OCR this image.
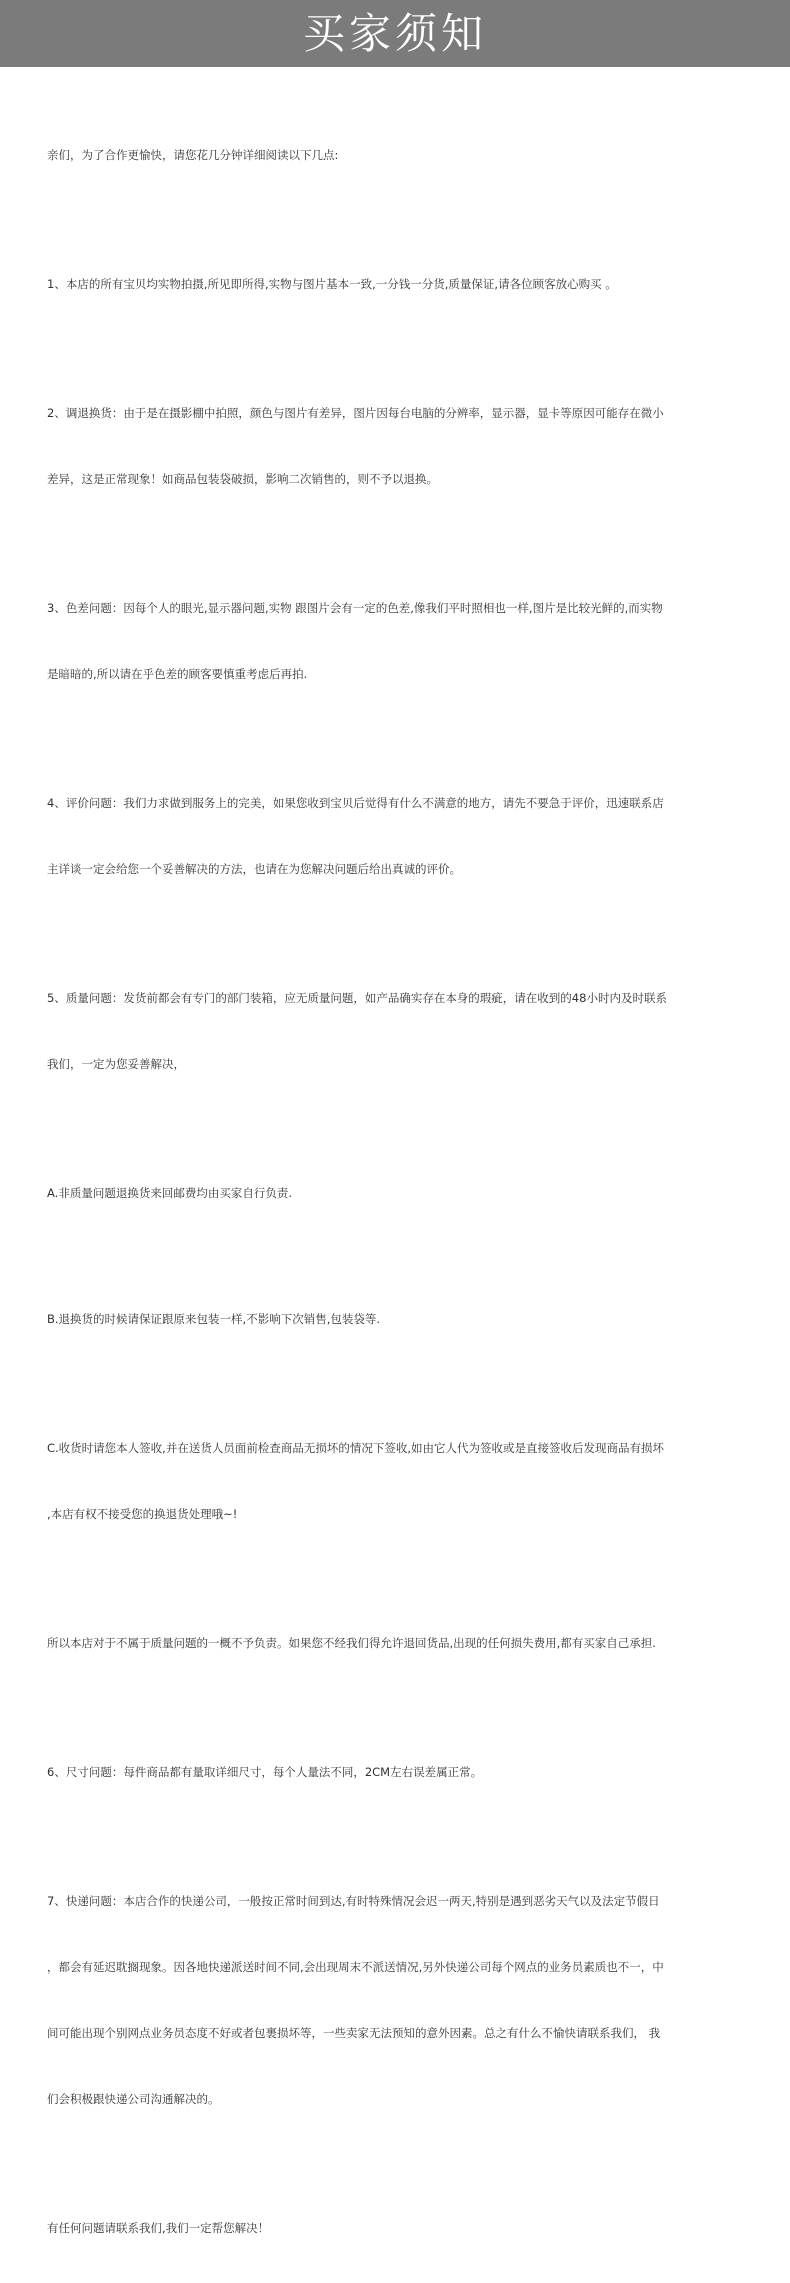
买家须知

亲们，为了合作更愉快，请您花几分钟详细阅读以下几点:

1、本店的所有宝贝均实物拍摄,所见即所得,实物与图片基本一致,一分钱一分货,质量保证,请各位顾客放心购买 。

2、调退换货：由于是在摄影棚中拍照，颜色与图片有差异，图片因每台电脑的分辨率，显示器，显卡等原因可能存在微小

差异，这是正常现象！如商品包装袋破损，影响二次销售的，则不予以退换。

3、色差问题：因每个人的眼光,显示器问题,实物 跟图片会有一定的色差,像我们平时照相也一样,图片是比较光鲜的,而实物

是暗暗的,所以请在乎色差的顾客要慎重考虑后再拍.

4、评价问题：我们力求做到服务上的完美，如果您收到宝贝后觉得有什么不满意的地方，请先不要急于评价，迅速联系店

主详谈一定会给您一个妥善解决的方法，也请在为您解决问题后给出真诚的评价。

5、质量问题：发货前都会有专门的部门装箱，应无质量问题，如产品确实存在本身的瑕疵，请在收到的48小时内及时联系

我们，一定为您妥善解决，

A.非质量问题退换货来回邮费均由买家自行负责.

B.退换货的时候请保证跟原来包装一样,不影响下次销售,包装袋等.

C.收货时请您本人签收,并在送货人员面前检查商品无损坏的情况下签收,如由它人代为签收或是直接签收后发现商品有损坏

,本店有权不接受您的换退货处理哦~!

所以本店对于不属于质量问题的一概不予负责。如果您不经我们得允许退回货品,出现的任何损失费用,都有买家自己承担.

6、尺寸问题：每件商品都有量取详细尺寸，每个人量法不同，2CM左右误差属正常。

7、快递问题：本店合作的快递公司，一般按正常时间到达,有时特殊情况会迟一两天,特别是遇到恶劣天气以及法定节假日

，都会有延迟耽搁现象。因各地快递派送时间不同,会出现周末不派送情况,另外快递公司每个网点的业务员素质也不一，中

间可能出现个别网点业务员态度不好或者包裹损坏等，一些卖家无法预知的意外因素。总之有什么不愉快请联系我们， 我

们会积极跟快递公司沟通解决的。

有任何问题请联系我们,我们一定帮您解决！
